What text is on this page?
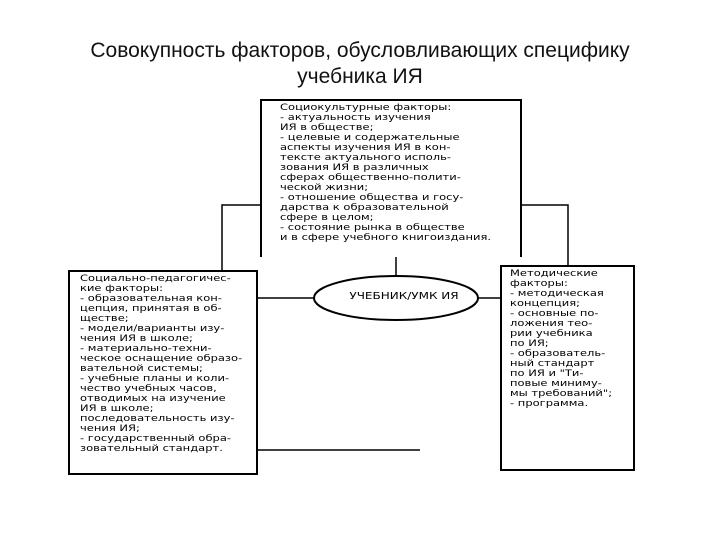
Совокупность факторов, обусловливающих специфику
учебника ИЯ
УЧЕБНИК/УМК ИЯ
Социокультурные факторы:
- актуальность изучения
ИЯ в обществе;
- целевые и содержательные
аспекты изучения ИЯ в кон-
тексте актуального исполь-
зования ИЯ в различных
сферах общественно-полити-
ческой жизни;
- отношение общества и госу-
дарства к образовательной
сфере в целом;
- состояние рынка в обществе
и в сфере учебного книгоиздания.
Социально-педагогичес-
кие факторы:
- образовательная кон-
цепция, принятая в об-
ществе;
- модели/варианты изу-
чения ИЯ в школе;
- материально-техни-
ческое оснащение образо-
вательной системы;
- учебные планы и коли-
чество учебных часов,
отводимых на изучение
ИЯ в школе;
последовательность изу-
чения ИЯ;
- государственный обра-
зовательный стандарт.
Методические
факторы:
- методическая
концепция;
- основные по-
ложения тео-
рии учебника
по ИЯ;
- образователь-
ный стандарт
по ИЯ и "Ти-
повые миниму-
мы требований";
- программа.
